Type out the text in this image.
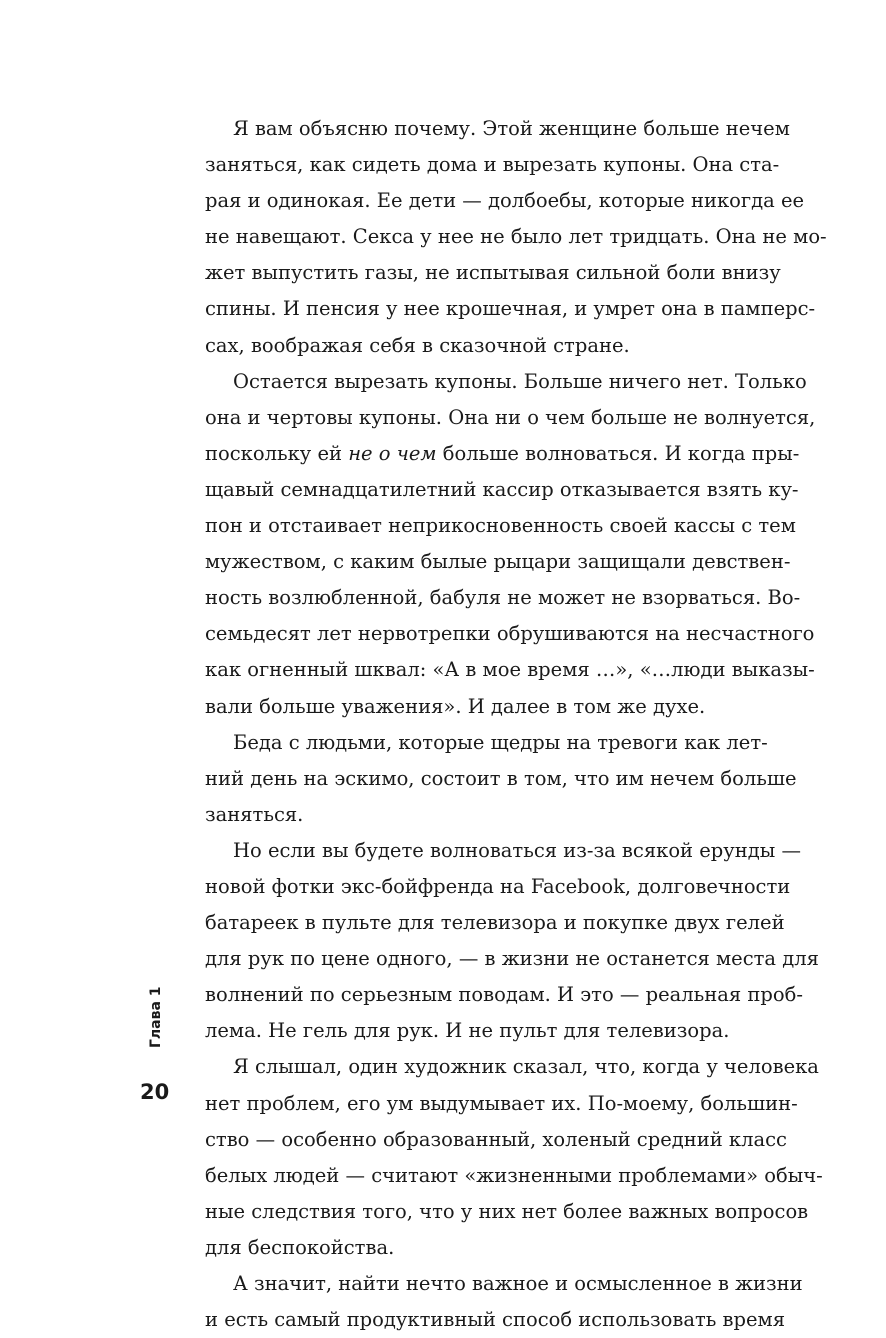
Я вам объясню почему. Этой женщине больше нечем
заняться, как сидеть дома и вырезать купоны. Она ста-
рая и одинокая. Ее дети — долбоебы, которые никогда ее
не навещают. Секса у нее не было лет тридцать. Она не мо-
жет выпустить газы, не испытывая сильной боли внизу
спины. И пенсия у нее крошечная, и умрет она в памперс-
сах, воображая себя в сказочной стране.
Остается вырезать купоны. Больше ничего нет. Только
она и чертовы купоны. Она ни о чем больше не волнуется,
поскольку ей не о чем больше волноваться. И когда пры-
щавый семнадцатилетний кассир отказывается взять ку-
пон и отстаивает неприкосновенность своей кассы с тем
мужеством, с каким былые рыцари защищали девствен-
ность возлюбленной, бабуля не может не взорваться. Во-
семьдесят лет нервотрепки обрушиваются на несчастного
как огненный шквал: «А в мое время …», «…люди выказы-
вали больше уважения». И далее в том же духе.
Беда с людьми, которые щедры на тревоги как лет-
ний день на эскимо, состоит в том, что им нечем больше
заняться.
Но если вы будете волноваться из-за всякой ерунды —
новой фотки экс-бойфренда на Facebook, долговечности
батареек в пульте для телевизора и покупке двух гелей
для рук по цене одного, — в жизни не останется места для
волнений по серьезным поводам. И это — реальная проб-
лема. Не гель для рук. И не пульт для телевизора.
Я слышал, один художник сказал, что, когда у человека
нет проблем, его ум выдумывает их. По-моему, большин-
ство — особенно образованный, холеный средний класс
белых людей — считают «жизненными проблемами» обыч-
ные следствия того, что у них нет более важных вопросов
для беспокойства.
А значит, найти нечто важное и осмысленное в жизни
и есть самый продуктивный способ использовать время
Глава 1
20
